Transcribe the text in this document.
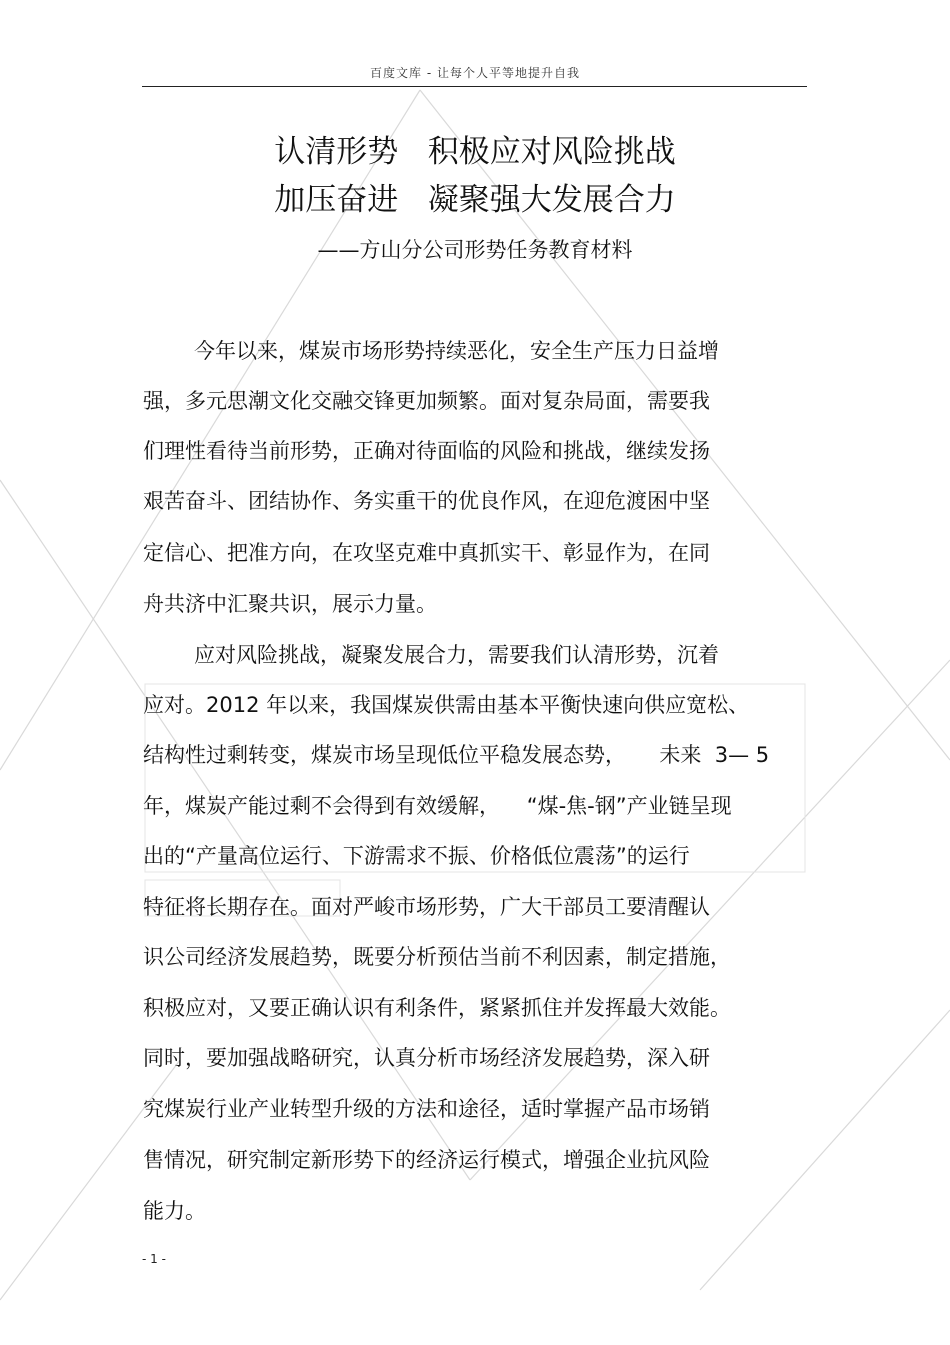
百度文库 - 让每个人平等地提升自我
认清形势   积极应对风险挑战
加压奋进   凝聚强大发展合力
——方山分公司形势任务教育材料
今年以来，煤炭市场形势持续恶化，安全生产压力日益增
强，多元思潮文化交融交锋更加频繁。面对复杂局面，需要我
们理性看待当前形势，正确对待面临的风险和挑战，继续发扬
艰苦奋斗、团结协作、务实重干的优良作风，在迎危渡困中坚
定信心、把准方向，在攻坚克难中真抓实干、彰显作为，在同
舟共济中汇聚共识，展示力量。
应对风险挑战，凝聚发展合力，需要我们认清形势，沉着
应对。2012 年以来，我国煤炭供需由基本平衡快速向供应宽松、
结构性过剩转变，煤炭市场呈现低位平稳发展态势，     未来  3— 5
年，煤炭产能过剩不会得到有效缓解，    “煤-焦-钢”产业链呈现
出的“产量高位运行、下游需求不振、价格低位震荡”的运行
特征将长期存在。面对严峻市场形势，广大干部员工要清醒认
识公司经济发展趋势，既要分析预估当前不利因素，制定措施，
积极应对，又要正确认识有利条件，紧紧抓住并发挥最大效能。
同时，要加强战略研究，认真分析市场经济发展趋势，深入研
究煤炭行业产业转型升级的方法和途径，适时掌握产品市场销
售情况，研究制定新形势下的经济运行模式，增强企业抗风险
能力。
- 1 -
